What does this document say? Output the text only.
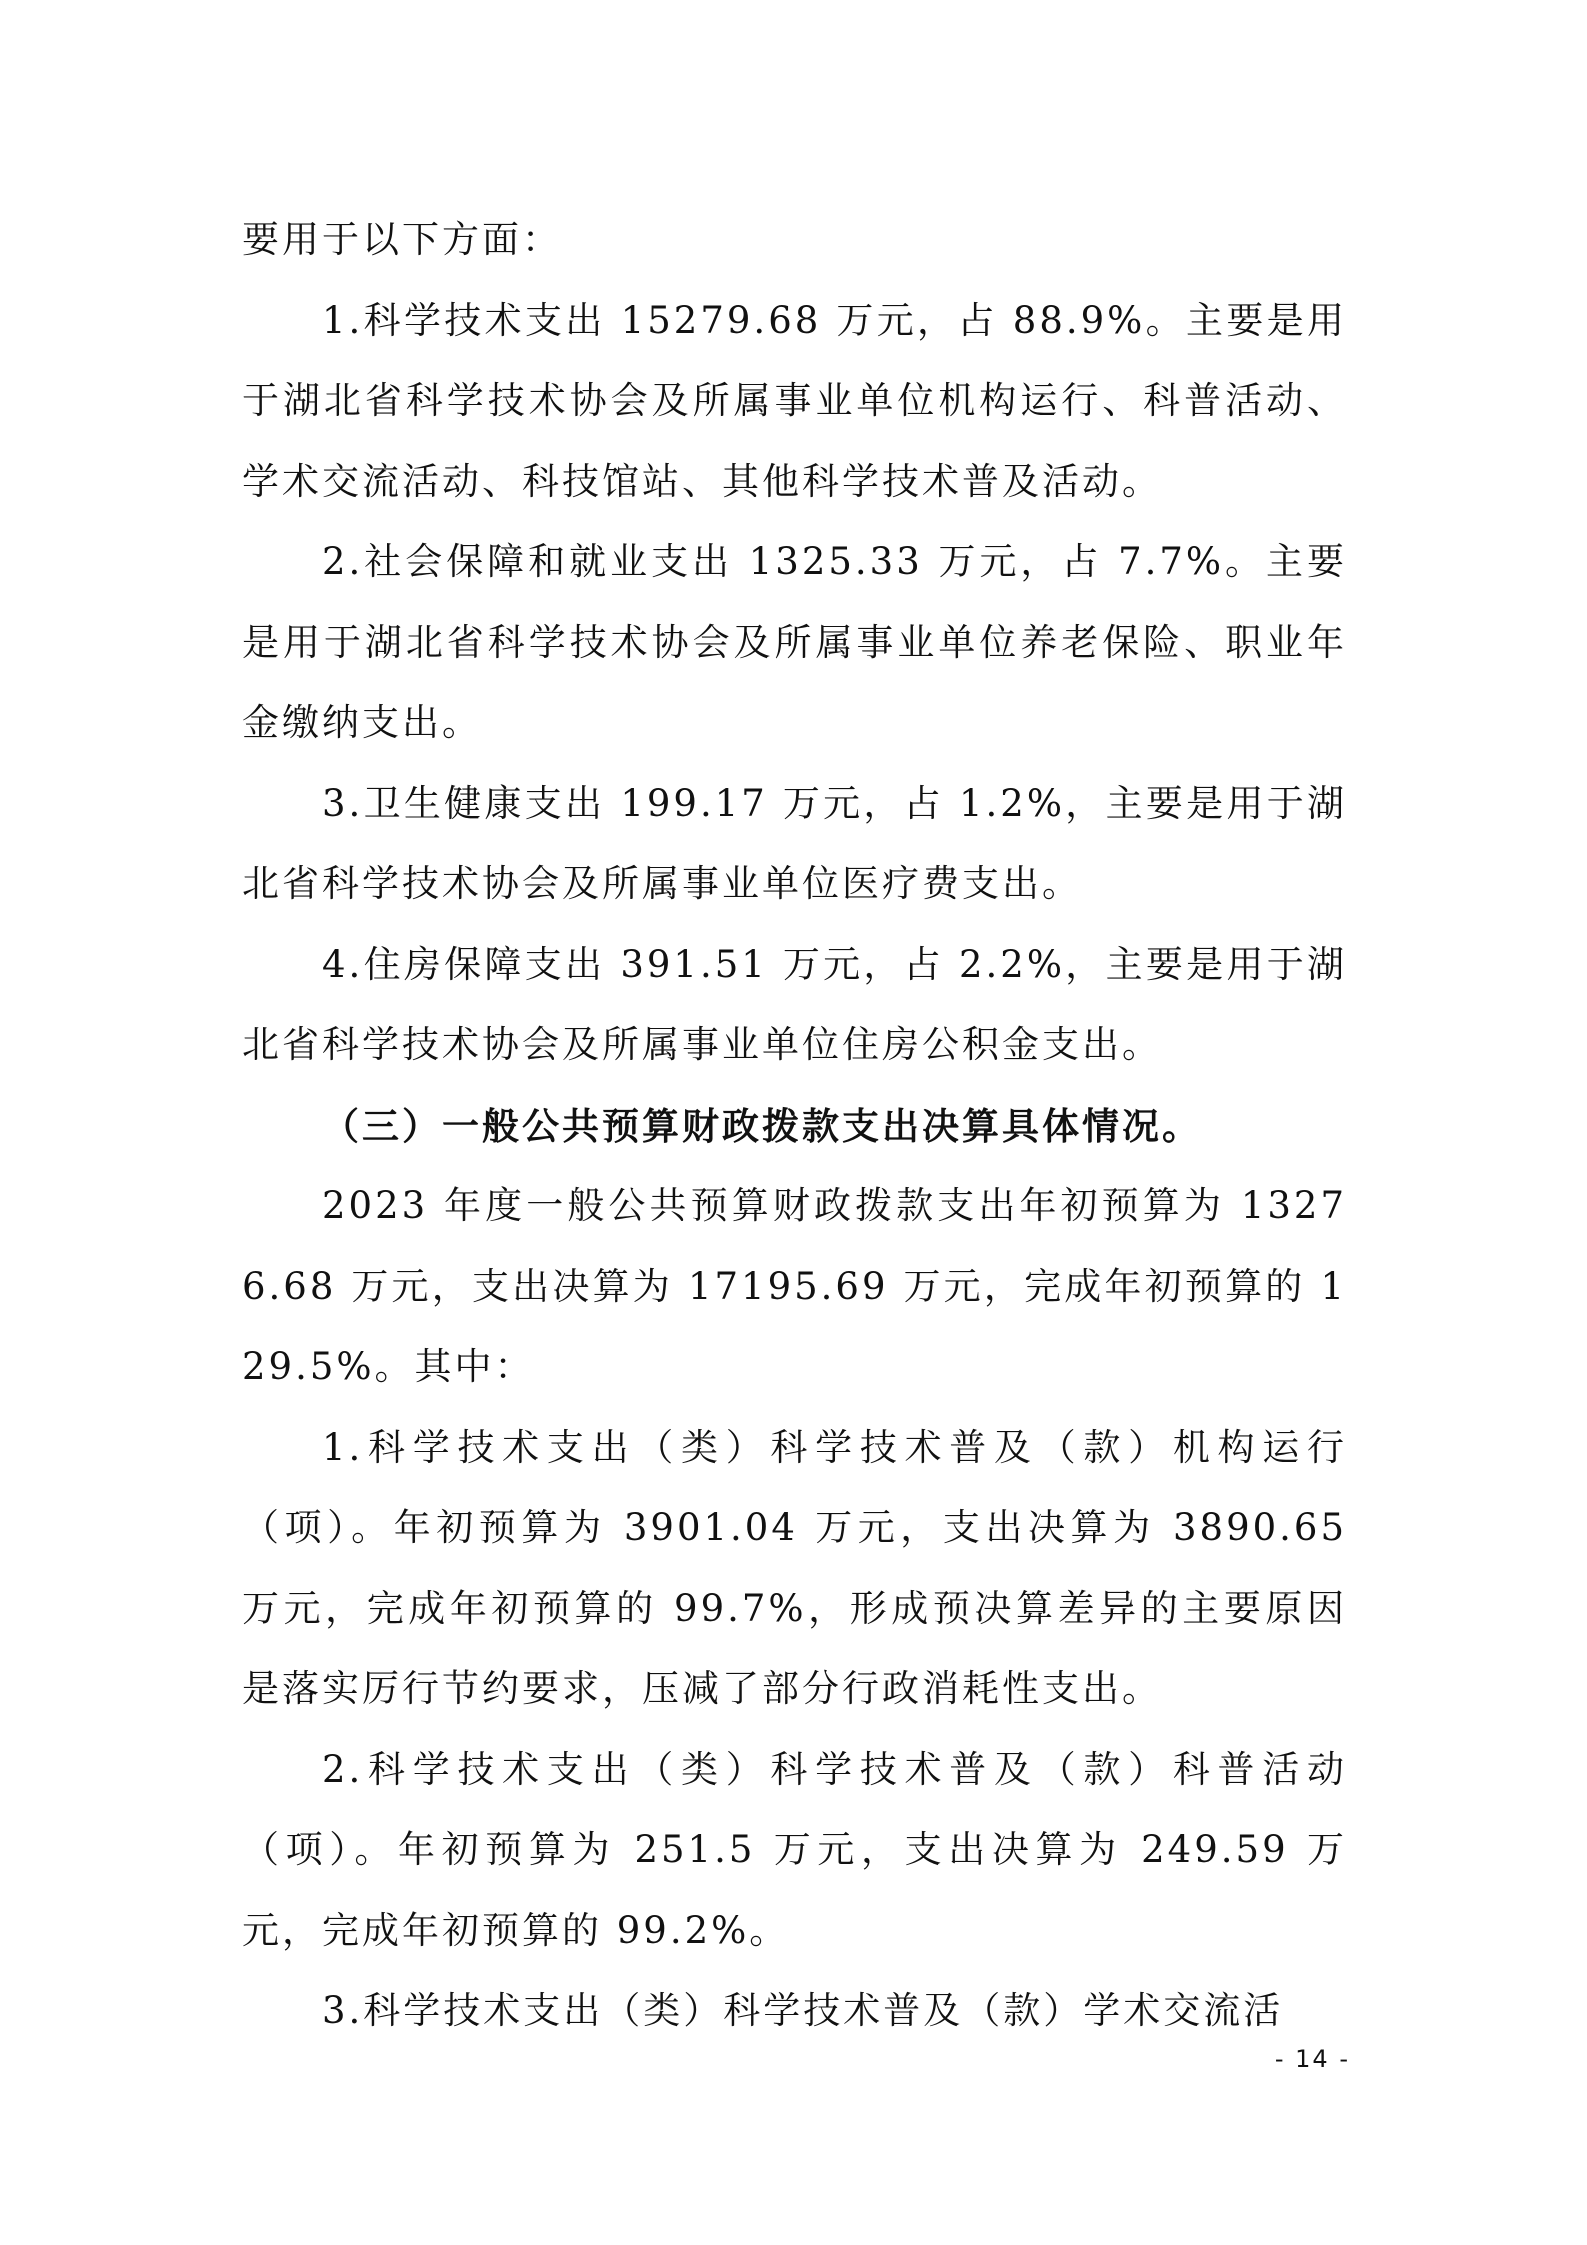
要用于以下方面：

1.科学技术支出 15279.68 万元，占 88.9%。主要是用于湖北省科学技术协会及所属事业单位机构运行、科普活动、学术交流活动、科技馆站、其他科学技术普及活动。

2.社会保障和就业支出 1325.33 万元，占 7.7%。主要是用于湖北省科学技术协会及所属事业单位养老保险、职业年金缴纳支出。

3.卫生健康支出 199.17 万元，占 1.2%，主要是用于湖北省科学技术协会及所属事业单位医疗费支出。

4.住房保障支出 391.51 万元，占 2.2%，主要是用于湖北省科学技术协会及所属事业单位住房公积金支出。

（三）一般公共预算财政拨款支出决算具体情况。

2023 年度一般公共预算财政拨款支出年初预算为 13276.68 万元，支出决算为 17195.69 万元，完成年初预算的 129.5%。其中：

1.科学技术支出（类）科学技术普及（款）机构运行（项）。年初预算为 3901.04 万元，支出决算为 3890.65 万元，完成年初预算的 99.7%，形成预决算差异的主要原因是落实厉行节约要求，压减了部分行政消耗性支出。

2.科学技术支出（类）科学技术普及（款）科普活动（项）。年初预算为 251.5 万元，支出决算为 249.59 万元，完成年初预算的 99.2%。

3.科学技术支出（类）科学技术普及（款）学术交流活

- 14 -
